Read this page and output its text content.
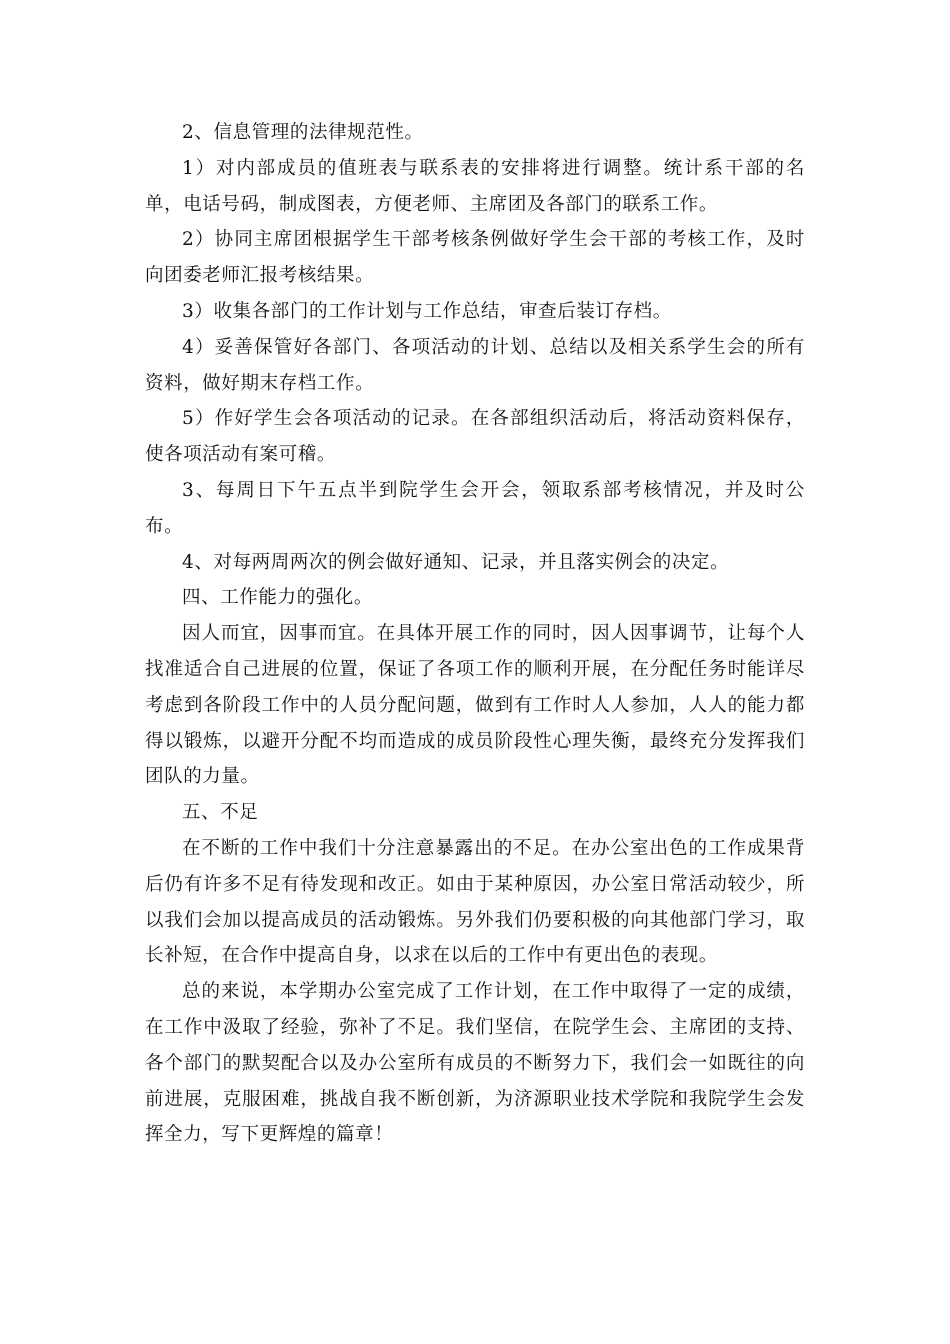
2、信息管理的法律规范性。

1）对内部成员的值班表与联系表的安排将进行调整。统计系干部的名单，电话号码，制成图表，方便老师、主席团及各部门的联系工作。

2）协同主席团根据学生干部考核条例做好学生会干部的考核工作，及时向团委老师汇报考核结果。

3）收集各部门的工作计划与工作总结，审查后装订存档。

4）妥善保管好各部门、各项活动的计划、总结以及相关系学生会的所有资料，做好期末存档工作。

5）作好学生会各项活动的记录。在各部组织活动后，将活动资料保存，使各项活动有案可稽。

3、每周日下午五点半到院学生会开会，领取系部考核情况，并及时公布。

4、对每两周两次的例会做好通知、记录，并且落实例会的决定。

四、工作能力的强化。

因人而宜，因事而宜。在具体开展工作的同时，因人因事调节，让每个人找准适合自己进展的位置，保证了各项工作的顺利开展，在分配任务时能详尽考虑到各阶段工作中的人员分配问题，做到有工作时人人参加，人人的能力都得以锻炼，以避开分配不均而造成的成员阶段性心理失衡，最终充分发挥我们团队的力量。

五、不足

在不断的工作中我们十分注意暴露出的不足。在办公室出色的工作成果背后仍有许多不足有待发现和改正。如由于某种原因，办公室日常活动较少，所以我们会加以提高成员的活动锻炼。另外我们仍要积极的向其他部门学习，取长补短，在合作中提高自身，以求在以后的工作中有更出色的表现。

总的来说，本学期办公室完成了工作计划，在工作中取得了一定的成绩，在工作中汲取了经验，弥补了不足。我们坚信，在院学生会、主席团的支持、各个部门的默契配合以及办公室所有成员的不断努力下，我们会一如既往的向前进展，克服困难，挑战自我不断创新，为济源职业技术学院和我院学生会发挥全力，写下更辉煌的篇章！
